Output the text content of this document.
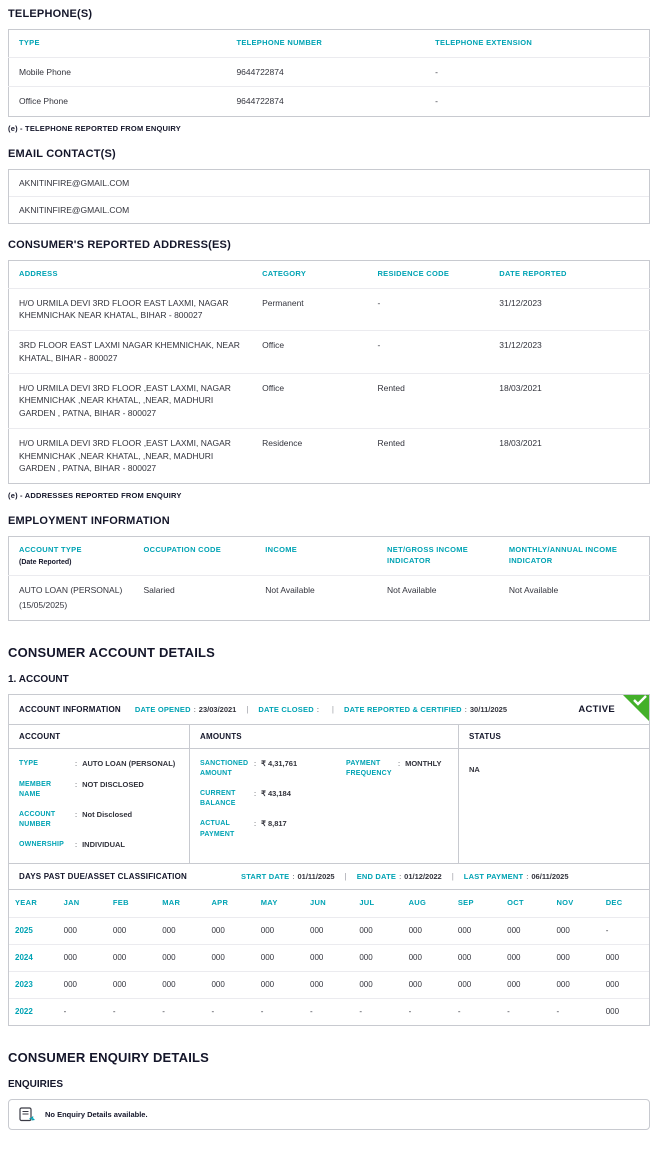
TELEPHONE(S)
TYPE	TELEPHONE NUMBER	TELEPHONE EXTENSION
Mobile Phone	9644722874	-
Office Phone	9644722874	-
(e) - TELEPHONE REPORTED FROM ENQUIRY
EMAIL CONTACT(S)
AKNITINFIRE@GMAIL.COM
AKNITINFIRE@GMAIL.COM
CONSUMER'S REPORTED ADDRESS(ES)
ADDRESS	CATEGORY	RESIDENCE CODE	DATE REPORTED
H/O URMILA DEVI 3RD FLOOR EAST LAXMI, NAGAR KHEMNICHAK NEAR KHATAL, BIHAR - 800027	Permanent	-	31/12/2023
3RD FLOOR EAST LAXMI NAGAR KHEMNICHAK, NEAR KHATAL, BIHAR - 800027	Office	-	31/12/2023
H/O URMILA DEVI 3RD FLOOR ,EAST LAXMI, NAGAR KHEMNICHAK ,NEAR KHATAL, ,NEAR, MADHURI GARDEN , PATNA, BIHAR - 800027	Office	Rented	18/03/2021
H/O URMILA DEVI 3RD FLOOR ,EAST LAXMI, NAGAR KHEMNICHAK ,NEAR KHATAL, ,NEAR, MADHURI GARDEN , PATNA, BIHAR - 800027	Residence	Rented	18/03/2021
(e) - ADDRESSES REPORTED FROM ENQUIRY
EMPLOYMENT INFORMATION
ACCOUNT TYPE
(Date Reported)	OCCUPATION CODE	INCOME	NET/GROSS INCOME INDICATOR	MONTHLY/ANNUAL INCOME INDICATOR
AUTO LOAN (PERSONAL)
(15/05/2025)	Salaried	Not Available	Not Available	Not Available
CONSUMER ACCOUNT DETAILS
1. ACCOUNT
ACCOUNT INFORMATION DATE OPENED : 23/03/2021 | DATE CLOSED :	| DATE REPORTED & CERTIFIED : 30/11/2025	ACTIVE
ACCOUNT
TYPE	: AUTO LOAN (PERSONAL)
MEMBER NAME
: NOT DISCLOSED
ACCOUNT NUMBER
: Not Disclosed
OWNERSHIP	: INDIVIDUAL
AMOUNTS
SANCTIONED AMOUNT
: ₹ 4,31,761
CURRENT BALANCE
: ₹ 43,184
ACTUAL PAYMENT
: ₹ 8,817
PAYMENT FREQUENCY
: MONTHLY
STATUS
NA
DAYS PAST DUE/ASSET CLASSIFICATION	START DATE : 01/11/2025 | END DATE : 01/12/2022 | LAST PAYMENT : 06/11/2025
YEAR	JAN	FEB	MAR	APR	MAY	JUN	JUL	AUG	SEP	OCT	NOV	DEC
2025	000	000	000	000	000	000	000	000	000	000	000	-
2024	000	000	000	000	000	000	000	000	000	000	000	000
2023	000	000	000	000	000	000	000	000	000	000	000	000
2022	-	-	-	-	-	-	-	-	-	-	-	000
CONSUMER ENQUIRY DETAILS
ENQUIRIES
No Enquiry Details available.
